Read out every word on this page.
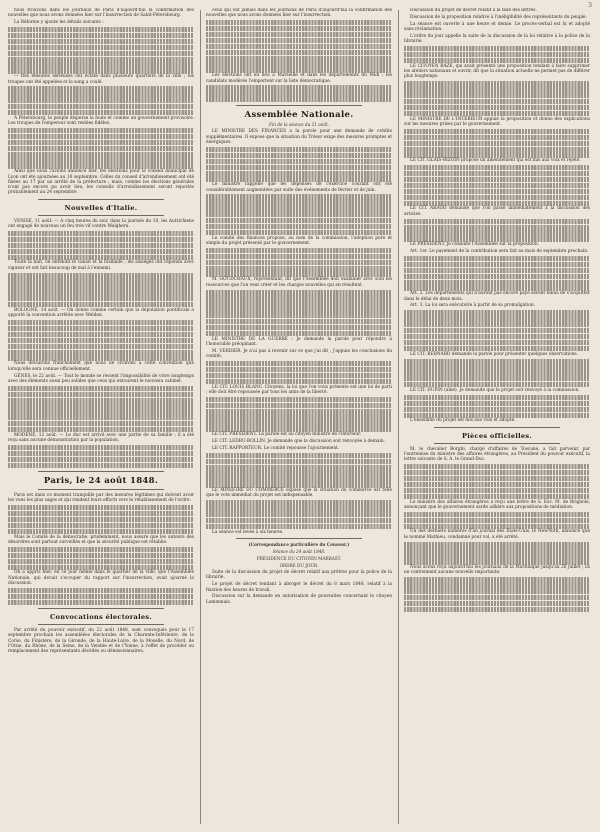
3

nous trouvons dans les journaux de Paris d'aujourd'hui la confirmation des nouvelles que nous avons données hier sur l'insurrection de Saint-Pétersbourg.

La Réforme y ajoute les détails suivants :

— Des émeutes sérieuses ont éclaté dans plusieurs quartiers de la ville ; les troupes ont été appelées et le sang a coulé.

A Pétersbourg, le peuple disperse la foule et comme un gouvernement provisoire. Les troupes de l'empereur sont restées fidèles.

Ainsi que nous l'avions annoncé hier, les élections pour le conseil municipal de Lyon ont été ajournées au 10 septembre. Celles du conseil d'arrondissement ont été fixées au 17 par un arrêté de la préfecture ; mais, comme les élections générales n'ont pas encore pu avoir lieu, les conseils d'arrondissement seront reportés probablement au 24 septembre.

Nouvelles d'Italie.

VENISE, 11 août. — A cinq heures du soir, dans la journée du 10, les Autrichiens ont engagé de nouveau un feu très vif contre Malghera.

Toute la nuit, on entendit le canon et la fusillade ; les assiégés ont répondu avec vigueur et ont fait beaucoup de mal à l'ennemi.

BOLOGNE, 14 août. — On donne comme certain que la députation pontificale a apporté la convention arrêtée avec Welden.

Nous déclarons franchement que nous ne croirons à cette convention que lorsqu'elle sera connue officiellement.

GÊNES, le 22 août. — Tout le monde se ressent l'impossibilité de vivre longtemps avec des éléments aussi peu solides que ceux qui entourent le nouveau cabinet.

MODÈNE, 12 août. — Le duc est arrivé avec une partie de sa famille ; il a été reçu sans aucune démonstration par la population.

Paris, le 24 août 1848.

Paris est dans ce moment tranquille par des mesures légitimes qui doivent avoir les vues les plus sages et qui rendent leurs efforts vers le rétablissement de l'ordre.

Mais le Comité de la démocratie, prudemment, nous assure que les auteurs des désordres sont partout surveillés et que la sécurité publique est rétablie.

On a appris hier, en ce jour même dans le quartier de la ville, que l'Assemblée Nationale, qui devait s'occuper du rapport sur l'insurrection, avait ajourné la discussion.

Convocations électorales.

Par arrêté du pouvoir exécutif, du 22 août 1848, sont convoqués pour le 17 septembre prochain les assemblées électorales de la Charente-Inférieure, de la Corse, du Finistère, de la Gironde, de la Haute-Loire, de la Moselle, du Nord, de l'Orne, du Rhône, de la Seine, de la Vendée et de l'Yonne, à l'effet de procéder au remplacement des représentants décédés ou démissionnaires.

ceux qui ont jamais dans les journaux de Paris d'aujourd'hui la confirmation des nouvelles que nous avons données hier sur l'insurrection.

Les élections ont eu lieu à Marseille et dans les départements du Midi ; les candidats modérés l'emportent sur la liste démocratique.

Assemblée Nationale.
Fin de la séance du 21 août.

LE MINISTRE DES FINANCES a la parole pour une demande de crédits supplémentaires. Il expose que la situation du Trésor exige des mesures promptes et énergiques.

Le ministre rappelle que les dépenses de l'exercice courant ont été considérablement augmentées par suite des événements de février et de juin.

Le comité des finances propose, au nom de la commission, l'adoption pure et simple du projet présenté par le gouvernement.

M. GOUDCHAUX, représentant, dit que l'Assemblée doit examiner avec soin les ressources que l'on veut créer et les charges nouvelles qui en résultent.

LE MINISTRE DE LA GUERRE : Je demande la parole pour répondre à l'honorable préopinant.

M. VERDIER. Je n'ai pas à revenir sur ce que j'ai dit ; j'appuie les conclusions du comité.

LE CIT. LOUIS BLANC. Citoyens, la loi que l'on vous présente est une loi de parti ; elle doit être repoussée par tous les amis de la liberté.

LE CIT. PRÉSIDENT. La parole est au citoyen ministre de l'intérieur.

LE CIT. LEDRU-ROLLIN. Je demande que la discussion soit renvoyée à demain.

LE CIT. RAPPORTEUR. Le comité repousse l'ajournement.

LE MINISTRE DU COMMERCE expose que la situation du commerce est telle que le vote immédiat du projet est indispensable.

La séance est levée à six heures.

(Correspondance particulière du Censeur.)
Séance du 24 août 1848.
PRÉSIDENCE DU CITOYEN MARRAST.
ORDRE DU JOUR.

Suite de la discussion du projet de décret relatif aux prêtres pour la police de la librairie.

Le projet de décret tendant à abroger le décret du 8 mars 1848, relatif à la fixation des heures de travail.

Discussion sur la demande en autorisation de poursuites concernant le citoyen Lamennais.

Discussion du projet de décret relatif à la taxe des lettres.

Discussion de la proposition relative à l'inéligibilité des représentants du peuple.

La séance est ouverte à une heure et demie. Le procès-verbal est lu et adopté sans réclamation.

L'ordre du jour appelle la suite de la discussion de la loi relative à la police de la librairie.

LE CITOYEN BAZE, qui avait présenté une proposition tendant à faire supprimer les ateliers nationaux et ouvrir, dit que la situation actuelle ne permet pas de différer plus longtemps.

LE MINISTRE DE L'INTÉRIEUR appuie la proposition et donne des explications sur les mesures prises par le gouvernement.

LE CIT. GLAIS-BIZOIN propose un amendement qui est mis aux voix et rejeté.

LE CIT. ARAGO demande que l'on passe immédiatement à la discussion des articles.

LE PRÉSIDENT. Je consulte l'Assemblée sur la proposition.

Art. 1er. Le payement de la contribution sera fait au mois de septembre prochain.

Art. 2. Les départements qui n'auront pas encore payé seront tenus de s'acquitter dans le délai de deux mois.

Art. 3. La loi sera exécutoire à partir de sa promulgation.

LE CIT. BERNARD demande la parole pour présenter quelques observations.

LE CIT. DUPIN (aîné). Je demande que le projet soit renvoyé à la commission.

L'ensemble du projet est mis aux voix et adopté.

Pièces officielles.

M. le chevalier Borghi, chargé d'affaires de Toscane, a fait parvenir, par l'entremise du ministre des affaires étrangères, au Président du pouvoir exécutif, la lettre suivante de S. A. le Grand-Duc.

Le ministre des affaires étrangères a reçu une lettre de S. Exc. M. de Brignole, annonçant que le gouvernement sarde adhère aux propositions de médiation.

Un des derniers numéros d'un journal des États-Unis, le New-York, annonce que le nommé Mathieu, condamné pour vol, a été arrêté.

Nous avons reçu aujourd'hui les journaux de la Martinique jusqu'au 26 juillet ; ils ne contiennent aucune nouvelle importante.
